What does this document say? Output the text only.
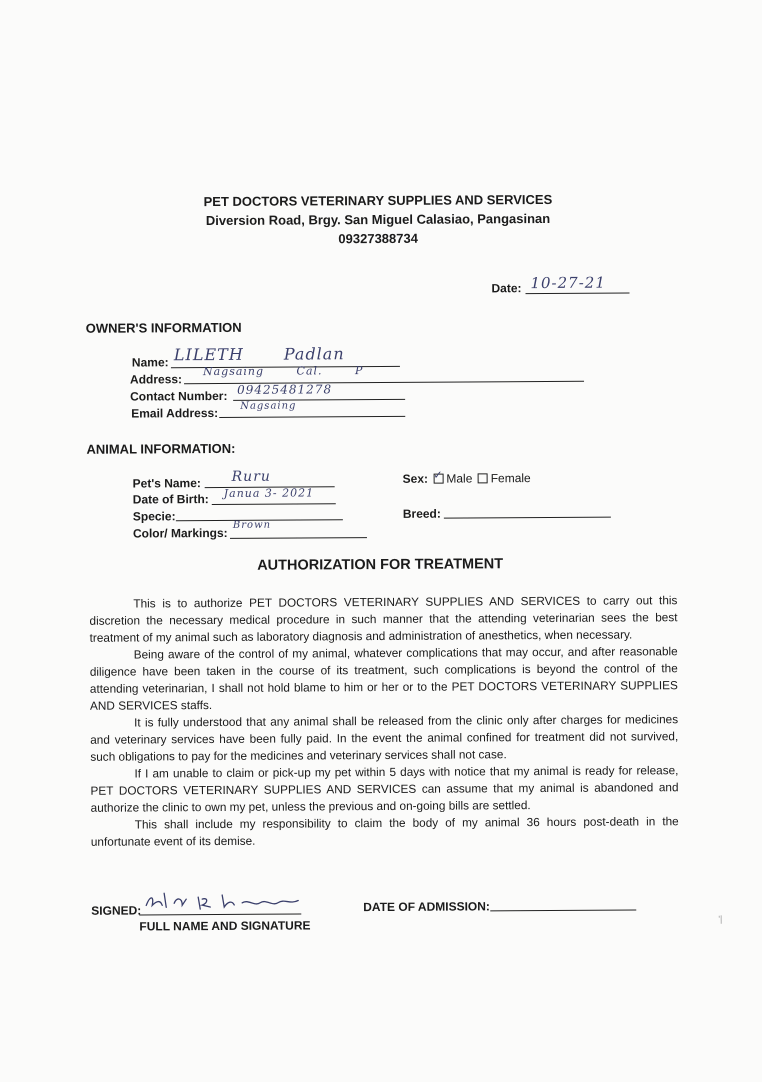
PET DOCTORS VETERINARY SUPPLIES AND SERVICES
Diversion Road, Brgy. San Miguel Calasiao, Pangasinan
09327388734
Date: 10-27-21
OWNER'S INFORMATION
Name: LILETH Padlan
Address:
Nagsaing Cal. P
Contact Number: 09425481278
Email Address: Nagsaing
ANIMAL INFORMATION:
Pet's Name: Ruru
Date of Birth: Janua 3- 2021
Specie:
Color/ Markings:
Brown
Sex: ✓ Male Female
Breed:
AUTHORIZATION FOR TREATMENT

This is to authorize PET DOCTORS VETERINARY SUPPLIES AND SERVICES to carry out this discretion the necessary medical procedure in such manner that the attending veterinarian sees the best treatment of my animal such as laboratory diagnosis and administration of anesthetics, when necessary.

Being aware of the control of my animal, whatever complications that may occur, and after reasonable diligence have been taken in the course of its treatment, such complications is beyond the control of the attending veterinarian, I shall not hold blame to him or her or to the PET DOCTORS VETERINARY SUPPLIES AND SERVICES staffs.

It is fully understood that any animal shall be released from the clinic only after charges for medicines and veterinary services have been fully paid. In the event the animal confined for treatment did not survived, such obligations to pay for the medicines and veterinary services shall not case.

If I am unable to claim or pick-up my pet within 5 days with notice that my animal is ready for release, PET DOCTORS VETERINARY SUPPLIES AND SERVICES can assume that my animal is abandoned and authorize the clinic to own my pet, unless the previous and on-going bills are settled.

This shall include my responsibility to claim the body of my animal 36 hours post-death in the unfortunate event of its demise.

SIGNED:
FULL NAME AND SIGNATURE
DATE OF ADMISSION:
'|
